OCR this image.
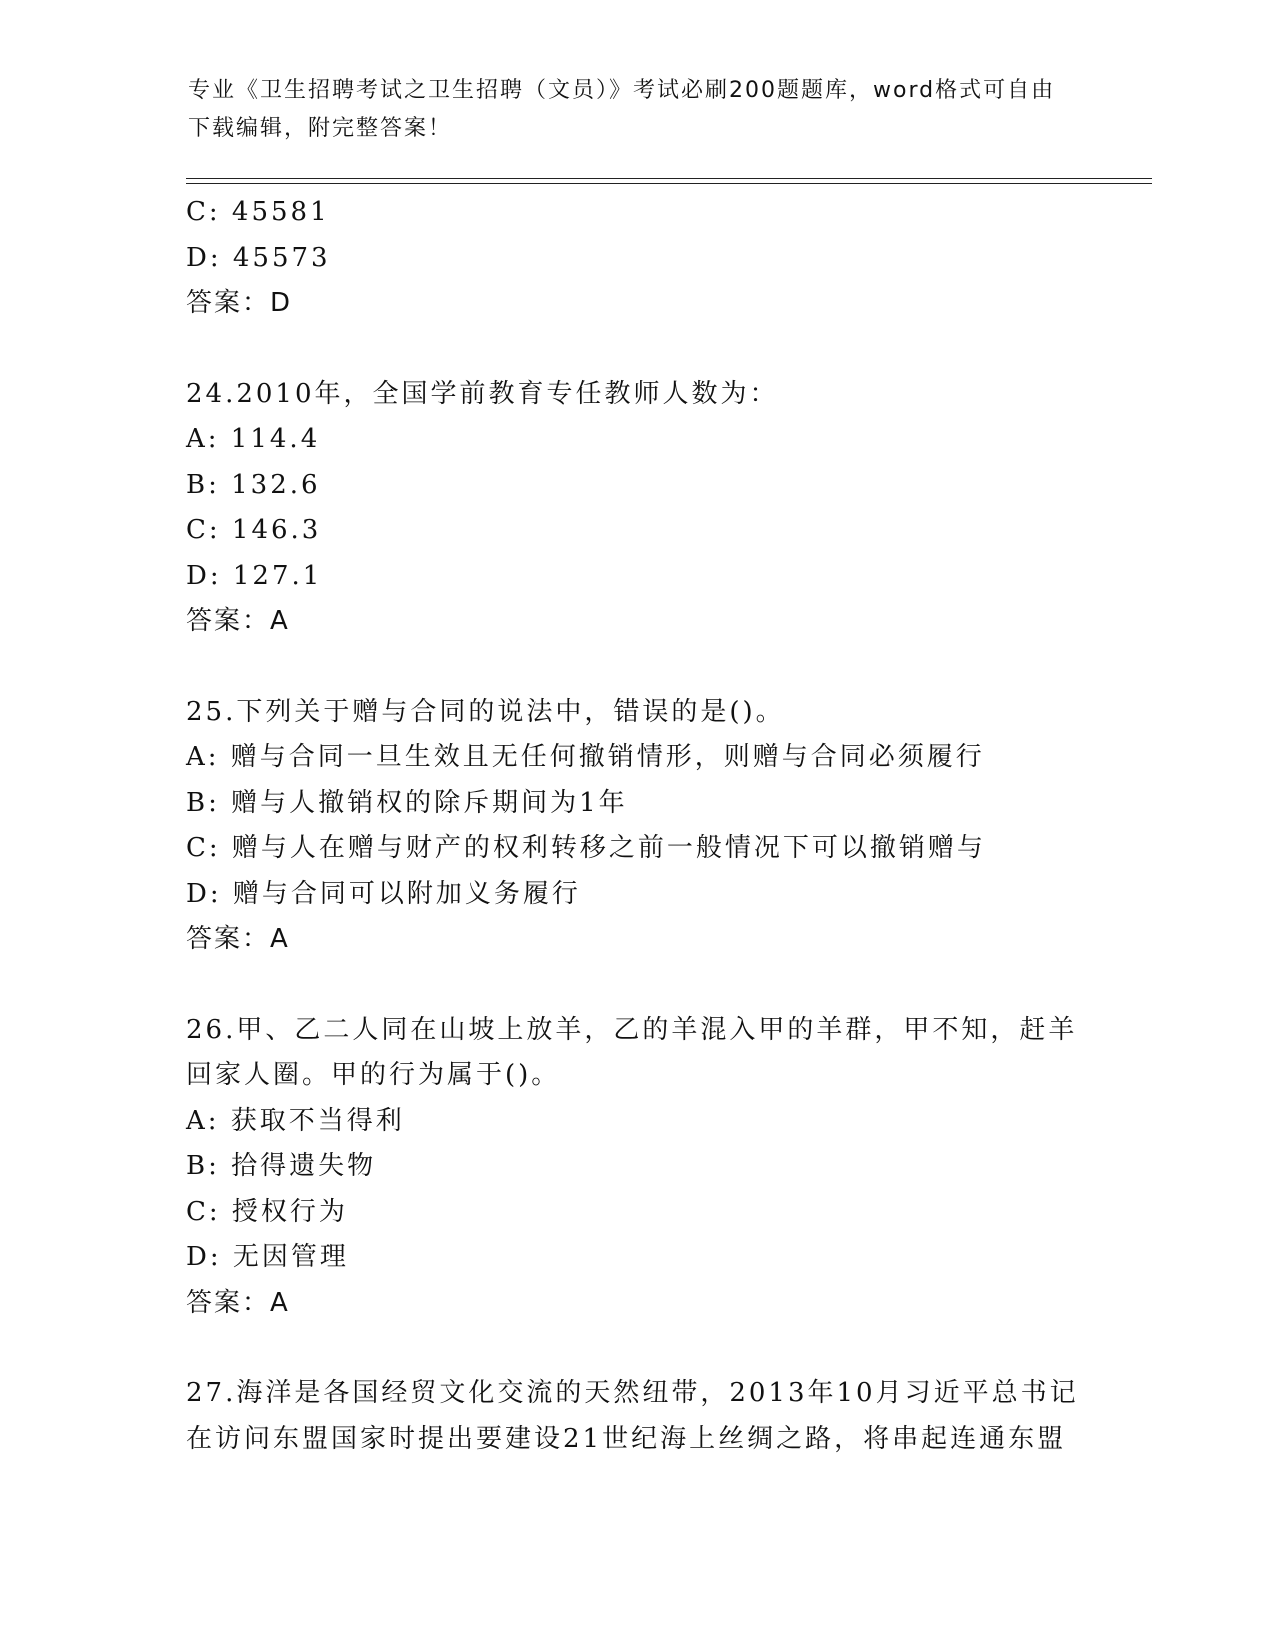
专业《卫生招聘考试之卫生招聘（文员）》考试必刷200题题库，word格式可自由下载编辑，附完整答案！
C: 45581
D: 45573
答案：D
24.2010年，全国学前教育专任教师人数为：
A: 114.4
B: 132.6
C: 146.3
D: 127.1
答案：A
25.下列关于赠与合同的说法中，错误的是()。
A: 赠与合同一旦生效且无任何撤销情形，则赠与合同必须履行
B: 赠与人撤销权的除斥期间为1年
C: 赠与人在赠与财产的权利转移之前一般情况下可以撤销赠与
D: 赠与合同可以附加义务履行
答案：A
26.甲、乙二人同在山坡上放羊，乙的羊混入甲的羊群，甲不知，赶羊回家人圈。甲的行为属于()。
A: 获取不当得利
B: 拾得遗失物
C: 授权行为
D: 无因管理
答案：A
27.海洋是各国经贸文化交流的天然纽带，2013年10月习近平总书记在访问东盟国家时提出要建设21世纪海上丝绸之路，将串起连通东盟
